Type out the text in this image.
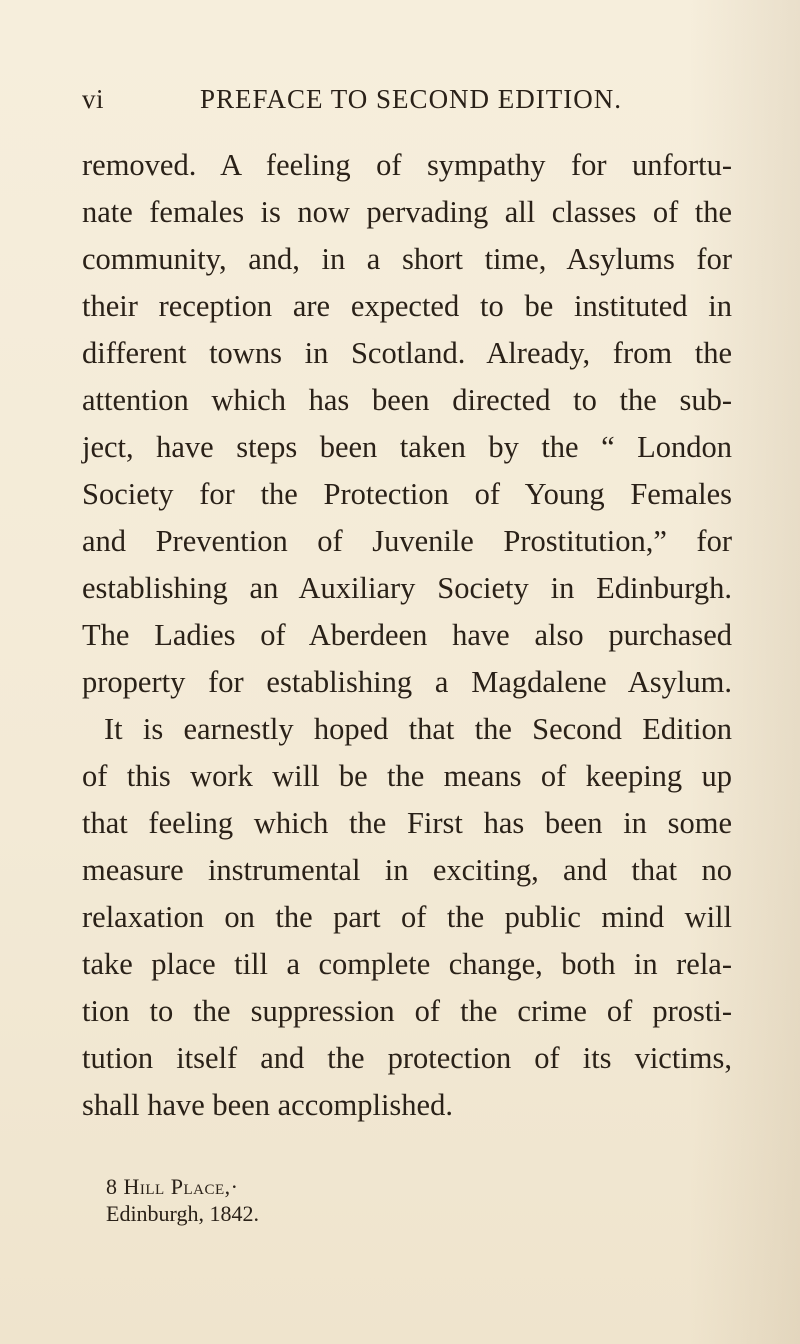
vi	PREFACE TO SECOND EDITION.
removed. A feeling of sympathy for unfortu-
nate females is now pervading all classes of the
community, and, in a short time, Asylums for
their reception are expected to be instituted in
different towns in Scotland. Already, from the
attention which has been directed to the sub-
ject, have steps been taken by the “ London
Society for the Protection of Young Females
and Prevention of Juvenile Prostitution,” for
establishing an Auxiliary Society in Edinburgh.
The Ladies of Aberdeen have also purchased
property for establishing a Magdalene Asylum.
It is earnestly hoped that the Second Edition
of this work will be the means of keeping up
that feeling which the First has been in some
measure instrumental in exciting, and that no
relaxation on the part of the public mind will
take place till a complete change, both in rela-
tion to the suppression of the crime of prosti-
tution itself and the protection of its victims,
shall have been accomplished.
8 Hill Place,·
Edinburgh, 1842.
